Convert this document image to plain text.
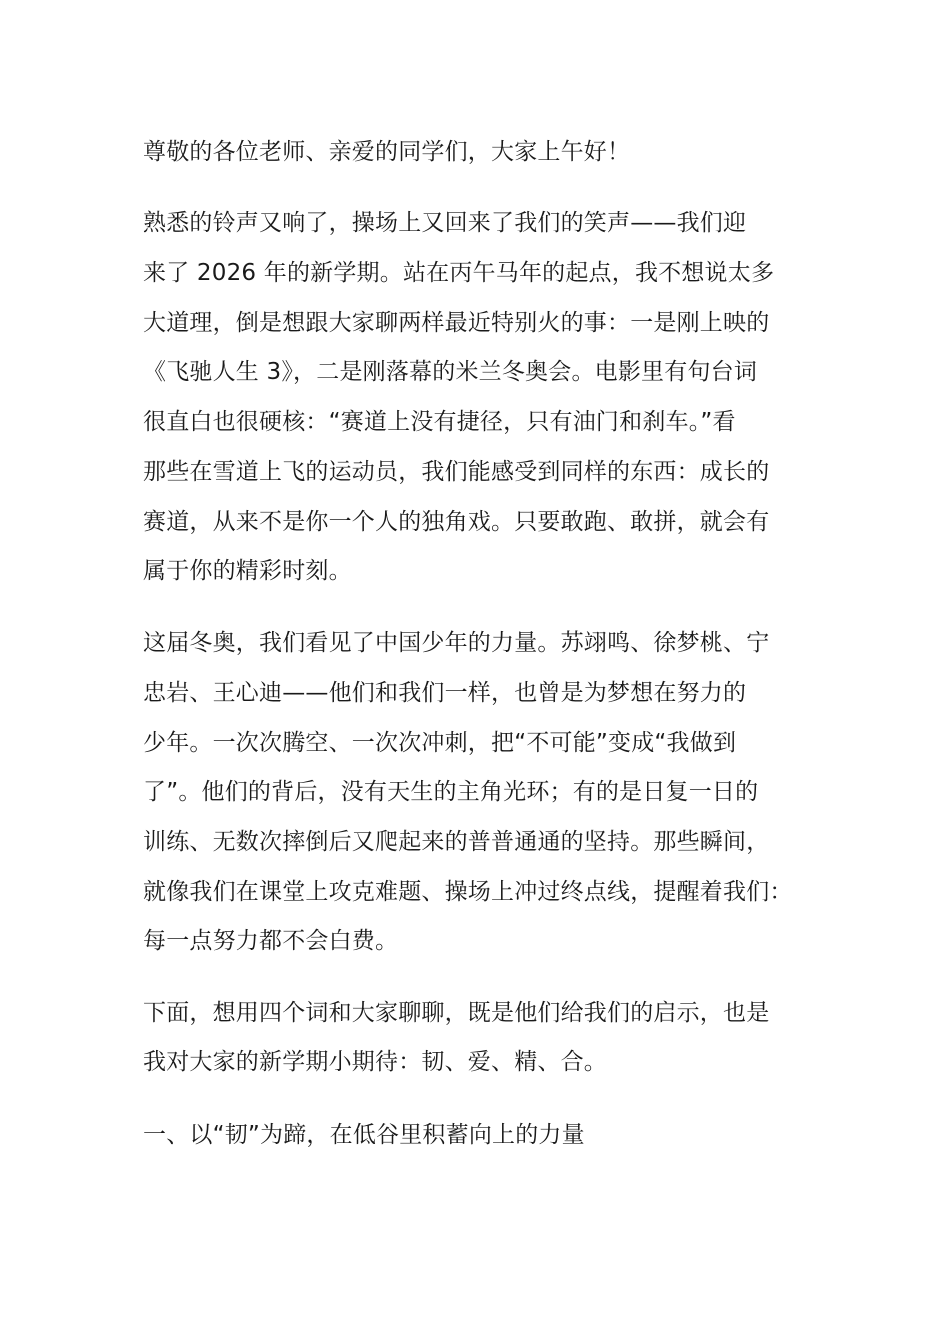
尊敬的各位老师、亲爱的同学们，大家上午好！
熟悉的铃声又响了，操场上又回来了我们的笑声——我们迎
来了 2026 年的新学期。站在丙午马年的起点，我不想说太多
大道理，倒是想跟大家聊两样最近特别火的事：一是刚上映的
《飞驰人生 3》，二是刚落幕的米兰冬奥会。电影里有句台词
很直白也很硬核：“赛道上没有捷径，只有油门和刹车。”看
那些在雪道上飞的运动员，我们能感受到同样的东西：成长的
赛道，从来不是你一个人的独角戏。只要敢跑、敢拼，就会有
属于你的精彩时刻。
这届冬奥，我们看见了中国少年的力量。苏翊鸣、徐梦桃、宁
忠岩、王心迪——他们和我们一样，也曾是为梦想在努力的
少年。一次次腾空、一次次冲刺，把“不可能”变成“我做到
了”。他们的背后，没有天生的主角光环；有的是日复一日的
训练、无数次摔倒后又爬起来的普普通通的坚持。那些瞬间，
就像我们在课堂上攻克难题、操场上冲过终点线，提醒着我们：
每一点努力都不会白费。
下面，想用四个词和大家聊聊，既是他们给我们的启示，也是
我对大家的新学期小期待：韧、爱、精、合。
一、以“韧”为蹄，在低谷里积蓄向上的力量
